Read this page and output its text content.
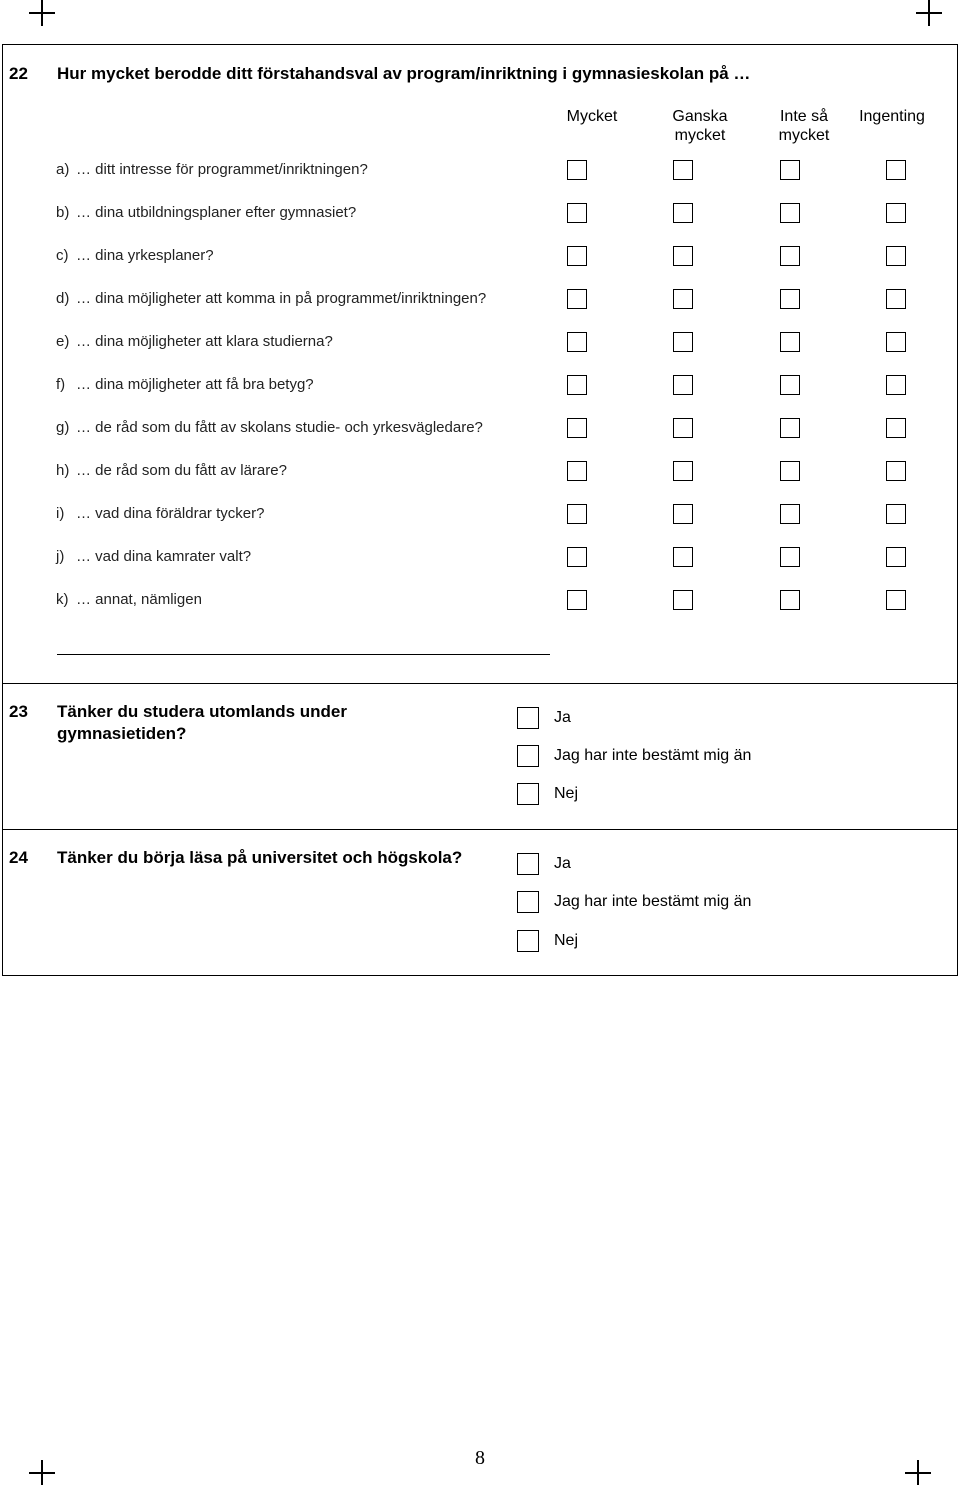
22 Hur mycket berodde ditt förstahandsval av program/inriktning i gymnasieskolan på …
Mycket	Ganska mycket
Inte så mycket
Ingenting
a) … ditt intresse för programmet/inriktningen?
b) … dina utbildningsplaner efter gymnasiet?
c) … dina yrkesplaner?
d) … dina möjligheter att komma in på programmet/inriktningen?
e) … dina möjligheter att klara studierna?
f) … dina möjligheter att få bra betyg?
g) … de råd som du fått av skolans studie- och yrkesvägledare?
h) … de råd som du fått av lärare?
i) … vad dina föräldrar tycker?
j) … vad dina kamrater valt?
k) … annat, nämligen
23 Tänker du studera utomlands under
gymnasietiden?
Ja
Jag har inte bestämt mig än
Nej
24 Tänker du börja läsa på universitet och högskola?	Ja
Jag har inte bestämt mig än
Nej
8
